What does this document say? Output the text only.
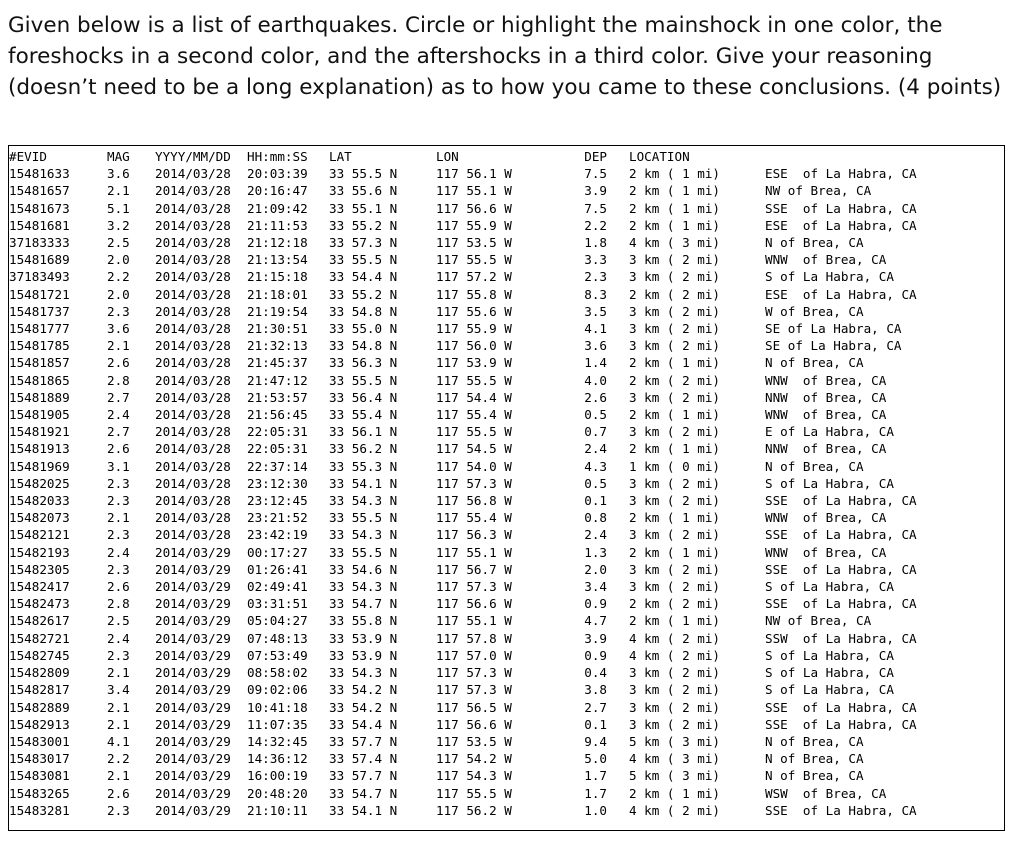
Given below is a list of earthquakes. Circle or highlight the mainshock in one color, the foreshocks in a second color, and the aftershocks in a third color. Give your reasoning (doesn’t need to be a long explanation) as to how you came to these conclusions. (4 points)

#EVID	MAG	YYYY/MM/DD	HH:mm:SS	LAT	LON	DEP	LOCATION	
15481633	3.6	2014/03/28	20:03:39	33 55.5 N	117 56.1 W	7.5	2 km ( 1 mi)	ESE  of La Habra, CA
15481657	2.1	2014/03/28	20:16:47	33 55.6 N	117 55.1 W	3.9	2 km ( 1 mi)	NW of Brea, CA
15481673	5.1	2014/03/28	21:09:42	33 55.1 N	117 56.6 W	7.5	2 km ( 1 mi)	SSE  of La Habra, CA
15481681	3.2	2014/03/28	21:11:53	33 55.2 N	117 55.9 W	2.2	2 km ( 1 mi)	ESE  of La Habra, CA
37183333	2.5	2014/03/28	21:12:18	33 57.3 N	117 53.5 W	1.8	4 km ( 3 mi)	N of Brea, CA
15481689	2.0	2014/03/28	21:13:54	33 55.5 N	117 55.5 W	3.3	3 km ( 2 mi)	WNW  of Brea, CA
37183493	2.2	2014/03/28	21:15:18	33 54.4 N	117 57.2 W	2.3	3 km ( 2 mi)	S of La Habra, CA
15481721	2.0	2014/03/28	21:18:01	33 55.2 N	117 55.8 W	8.3	2 km ( 2 mi)	ESE  of La Habra, CA
15481737	2.3	2014/03/28	21:19:54	33 54.8 N	117 55.6 W	3.5	3 km ( 2 mi)	W of Brea, CA
15481777	3.6	2014/03/28	21:30:51	33 55.0 N	117 55.9 W	4.1	3 km ( 2 mi)	SE of La Habra, CA
15481785	2.1	2014/03/28	21:32:13	33 54.8 N	117 56.0 W	3.6	3 km ( 2 mi)	SE of La Habra, CA
15481857	2.6	2014/03/28	21:45:37	33 56.3 N	117 53.9 W	1.4	2 km ( 1 mi)	N of Brea, CA
15481865	2.8	2014/03/28	21:47:12	33 55.5 N	117 55.5 W	4.0	2 km ( 2 mi)	WNW  of Brea, CA
15481889	2.7	2014/03/28	21:53:57	33 56.4 N	117 54.4 W	2.6	3 km ( 2 mi)	NNW  of Brea, CA
15481905	2.4	2014/03/28	21:56:45	33 55.4 N	117 55.4 W	0.5	2 km ( 1 mi)	WNW  of Brea, CA
15481921	2.7	2014/03/28	22:05:31	33 56.1 N	117 55.5 W	0.7	3 km ( 2 mi)	E of La Habra, CA
15481913	2.6	2014/03/28	22:05:31	33 56.2 N	117 54.5 W	2.4	2 km ( 1 mi)	NNW  of Brea, CA
15481969	3.1	2014/03/28	22:37:14	33 55.3 N	117 54.0 W	4.3	1 km ( 0 mi)	N of Brea, CA
15482025	2.3	2014/03/28	23:12:30	33 54.1 N	117 57.3 W	0.5	3 km ( 2 mi)	S of La Habra, CA
15482033	2.3	2014/03/28	23:12:45	33 54.3 N	117 56.8 W	0.1	3 km ( 2 mi)	SSE  of La Habra, CA
15482073	2.1	2014/03/28	23:21:52	33 55.5 N	117 55.4 W	0.8	2 km ( 1 mi)	WNW  of Brea, CA
15482121	2.3	2014/03/28	23:42:19	33 54.3 N	117 56.3 W	2.4	3 km ( 2 mi)	SSE  of La Habra, CA
15482193	2.4	2014/03/29	00:17:27	33 55.5 N	117 55.1 W	1.3	2 km ( 1 mi)	WNW  of Brea, CA
15482305	2.3	2014/03/29	01:26:41	33 54.6 N	117 56.7 W	2.0	3 km ( 2 mi)	SSE  of La Habra, CA
15482417	2.6	2014/03/29	02:49:41	33 54.3 N	117 57.3 W	3.4	3 km ( 2 mi)	S of La Habra, CA
15482473	2.8	2014/03/29	03:31:51	33 54.7 N	117 56.6 W	0.9	2 km ( 2 mi)	SSE  of La Habra, CA
15482617	2.5	2014/03/29	05:04:27	33 55.8 N	117 55.1 W	4.7	2 km ( 1 mi)	NW of Brea, CA
15482721	2.4	2014/03/29	07:48:13	33 53.9 N	117 57.8 W	3.9	4 km ( 2 mi)	SSW  of La Habra, CA
15482745	2.3	2014/03/29	07:53:49	33 53.9 N	117 57.0 W	0.9	4 km ( 2 mi)	S of La Habra, CA
15482809	2.1	2014/03/29	08:58:02	33 54.3 N	117 57.3 W	0.4	3 km ( 2 mi)	S of La Habra, CA
15482817	3.4	2014/03/29	09:02:06	33 54.2 N	117 57.3 W	3.8	3 km ( 2 mi)	S of La Habra, CA
15482889	2.1	2014/03/29	10:41:18	33 54.2 N	117 56.5 W	2.7	3 km ( 2 mi)	SSE  of La Habra, CA
15482913	2.1	2014/03/29	11:07:35	33 54.4 N	117 56.6 W	0.1	3 km ( 2 mi)	SSE  of La Habra, CA
15483001	4.1	2014/03/29	14:32:45	33 57.7 N	117 53.5 W	9.4	5 km ( 3 mi)	N of Brea, CA
15483017	2.2	2014/03/29	14:36:12	33 57.4 N	117 54.2 W	5.0	4 km ( 3 mi)	N of Brea, CA
15483081	2.1	2014/03/29	16:00:19	33 57.7 N	117 54.3 W	1.7	5 km ( 3 mi)	N of Brea, CA
15483265	2.6	2014/03/29	20:48:20	33 54.7 N	117 55.5 W	1.7	2 km ( 1 mi)	WSW  of Brea, CA
15483281	2.3	2014/03/29	21:10:11	33 54.1 N	117 56.2 W	1.0	4 km ( 2 mi)	SSE  of La Habra, CA
